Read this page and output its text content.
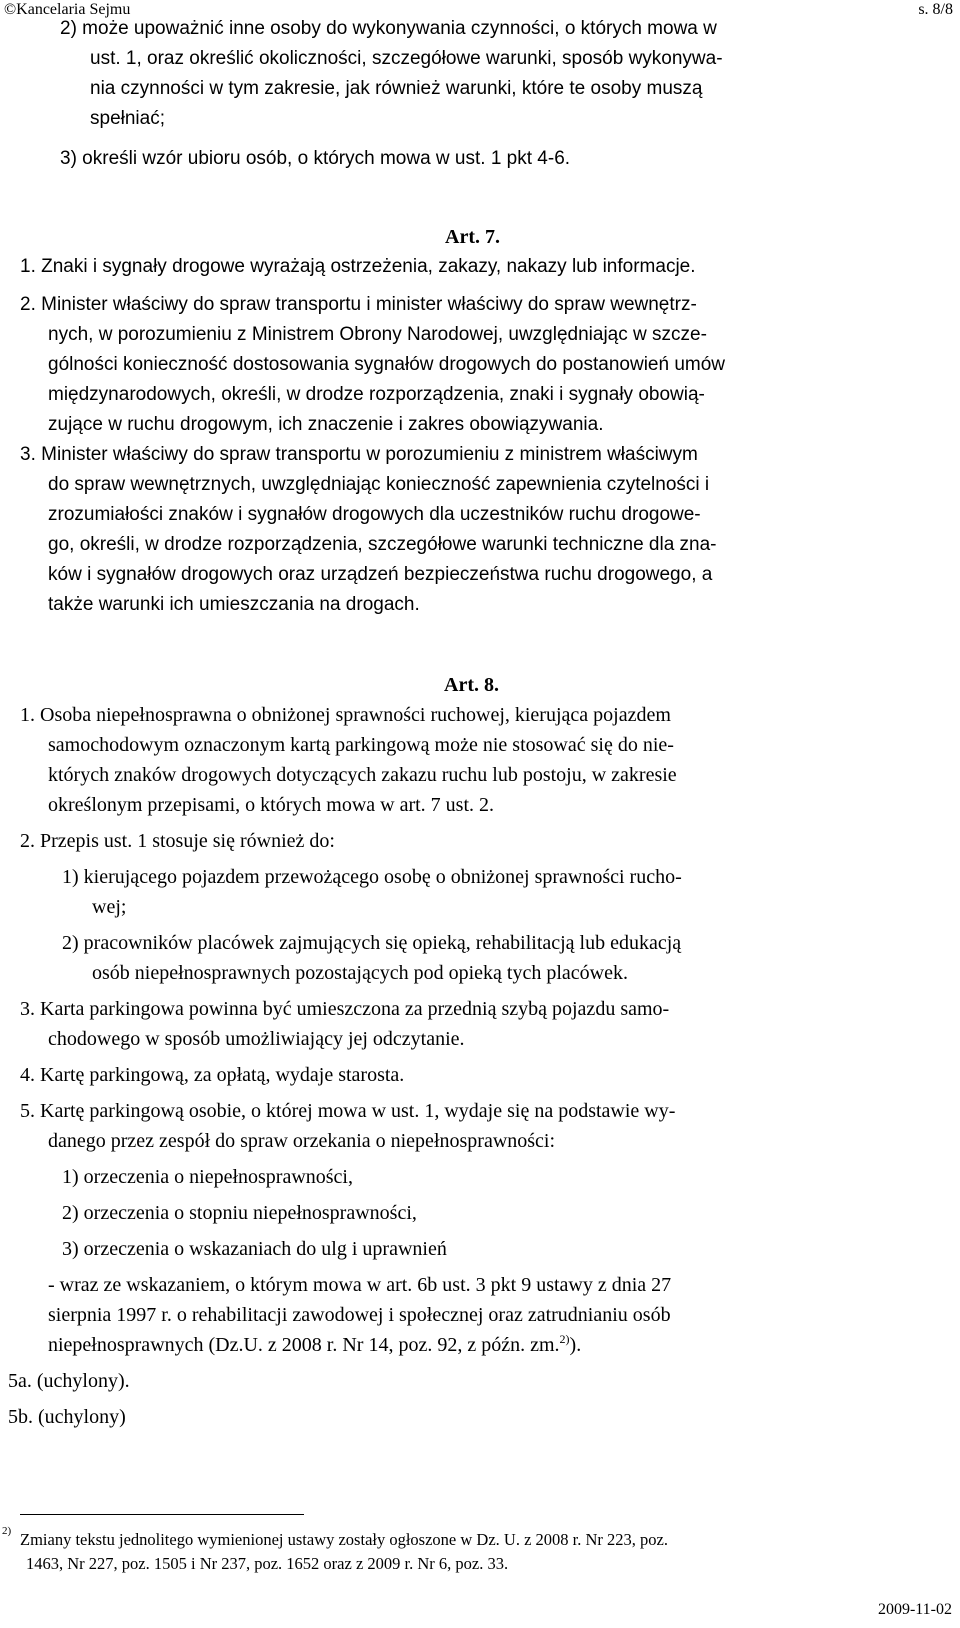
©Kancelaria Sejmu	s. 8/8
2) może upoważnić inne osoby do wykonywania czynności, o których mowa w
ust. 1, oraz określić okoliczności, szczegółowe warunki, sposób wykonywa-
nia czynności w tym zakresie, jak również warunki, które te osoby muszą
spełniać;
3) określi wzór ubioru osób, o których mowa w ust. 1 pkt 4-6.
Art. 7.
1. Znaki i sygnały drogowe wyrażają ostrzeżenia, zakazy, nakazy lub informacje.
2. Minister właściwy do spraw transportu i minister właściwy do spraw wewnętrz-
nych, w porozumieniu z Ministrem Obrony Narodowej, uwzględniając w szcze-
gólności konieczność dostosowania sygnałów drogowych do postanowień umów
międzynarodowych, określi, w drodze rozporządzenia, znaki i sygnały obowią-
zujące w ruchu drogowym, ich znaczenie i zakres obowiązywania.
3. Minister właściwy do spraw transportu w porozumieniu z ministrem właściwym
do spraw wewnętrznych, uwzględniając konieczność zapewnienia czytelności i
zrozumiałości znaków i sygnałów drogowych dla uczestników ruchu drogowe-
go, określi, w drodze rozporządzenia, szczegółowe warunki techniczne dla zna-
ków i sygnałów drogowych oraz urządzeń bezpieczeństwa ruchu drogowego, a
także warunki ich umieszczania na drogach.
Art. 8.
1. Osoba niepełnosprawna o obniżonej sprawności ruchowej, kierująca pojazdem
samochodowym oznaczonym kartą parkingową może nie stosować się do nie-
których znaków drogowych dotyczących zakazu ruchu lub postoju, w zakresie
określonym przepisami, o których mowa w art. 7 ust. 2.
2. Przepis ust. 1 stosuje się również do:
1) kierującego pojazdem przewożącego osobę o obniżonej sprawności rucho-
wej;
2) pracowników placówek zajmujących się opieką, rehabilitacją lub edukacją
osób niepełnosprawnych pozostających pod opieką tych placówek.
3. Karta parkingowa powinna być umieszczona za przednią szybą pojazdu samo-
chodowego w sposób umożliwiający jej odczytanie.
4. Kartę parkingową, za opłatą, wydaje starosta.
5. Kartę parkingową osobie, o której mowa w ust. 1, wydaje się na podstawie wy-
danego przez zespół do spraw orzekania o niepełnosprawności:
1) orzeczenia o niepełnosprawności,
2) orzeczenia o stopniu niepełnosprawności,
3) orzeczenia o wskazaniach do ulg i uprawnień
- wraz ze wskazaniem, o którym mowa w art. 6b ust. 3 pkt 9 ustawy z dnia 27
sierpnia 1997 r. o rehabilitacji zawodowej i społecznej oraz zatrudnianiu osób
niepełnosprawnych (Dz.U. z 2008 r. Nr 14, poz. 92, z późn. zm.$^{2)}$).
5a. (uchylony).
5b. (uchylony)
2) Zmiany tekstu jednolitego wymienionej ustawy zostały ogłoszone w Dz. U. z 2008 r. Nr 223, poz.
1463, Nr 227, poz. 1505 i Nr 237, poz. 1652 oraz z 2009 r. Nr 6, poz. 33.
2009-11-02
